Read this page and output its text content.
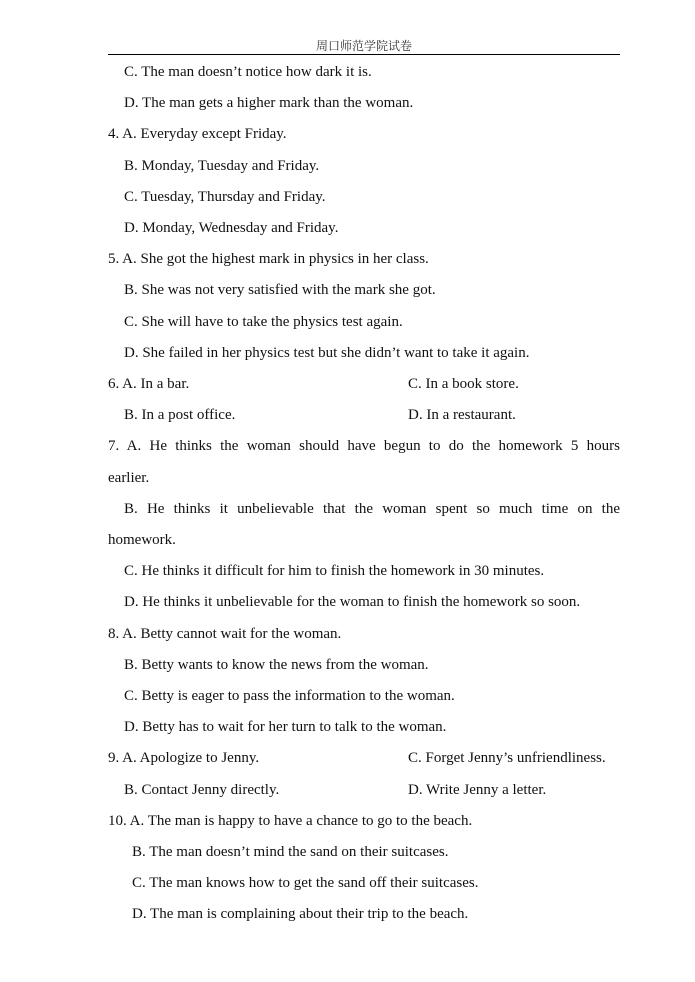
周口师范学院试卷
C. The man doesn’t notice how dark it is.
D. The man gets a higher mark than the woman.
4. A. Everyday except Friday.
B. Monday, Tuesday and Friday.
C. Tuesday, Thursday and Friday.
D. Monday, Wednesday and Friday.
5. A. She got the highest mark in physics in her class.
B. She was not very satisfied with the mark she got.
C. She will have to take the physics test again.
D. She failed in her physics test but she didn’t want to take it again.
6. A. In a bar.	C. In a book store.
B. In a post office.	D. In a restaurant.
7. A. He thinks the woman should have begun to do the homework 5 hours
earlier.
B. He thinks it unbelievable that the woman spent so much time on the
homework.
C. He thinks it difficult for him to finish the homework in 30 minutes.
D. He thinks it unbelievable for the woman to finish the homework so soon.
8. A. Betty cannot wait for the woman.
B. Betty wants to know the news from the woman.
C. Betty is eager to pass the information to the woman.
D. Betty has to wait for her turn to talk to the woman.
9. A. Apologize to Jenny.	C. Forget Jenny’s unfriendliness.
B. Contact Jenny directly.	D. Write Jenny a letter.
10. A. The man is happy to have a chance to go to the beach.
B. The man doesn’t mind the sand on their suitcases.
C. The man knows how to get the sand off their suitcases.
D. The man is complaining about their trip to the beach.
